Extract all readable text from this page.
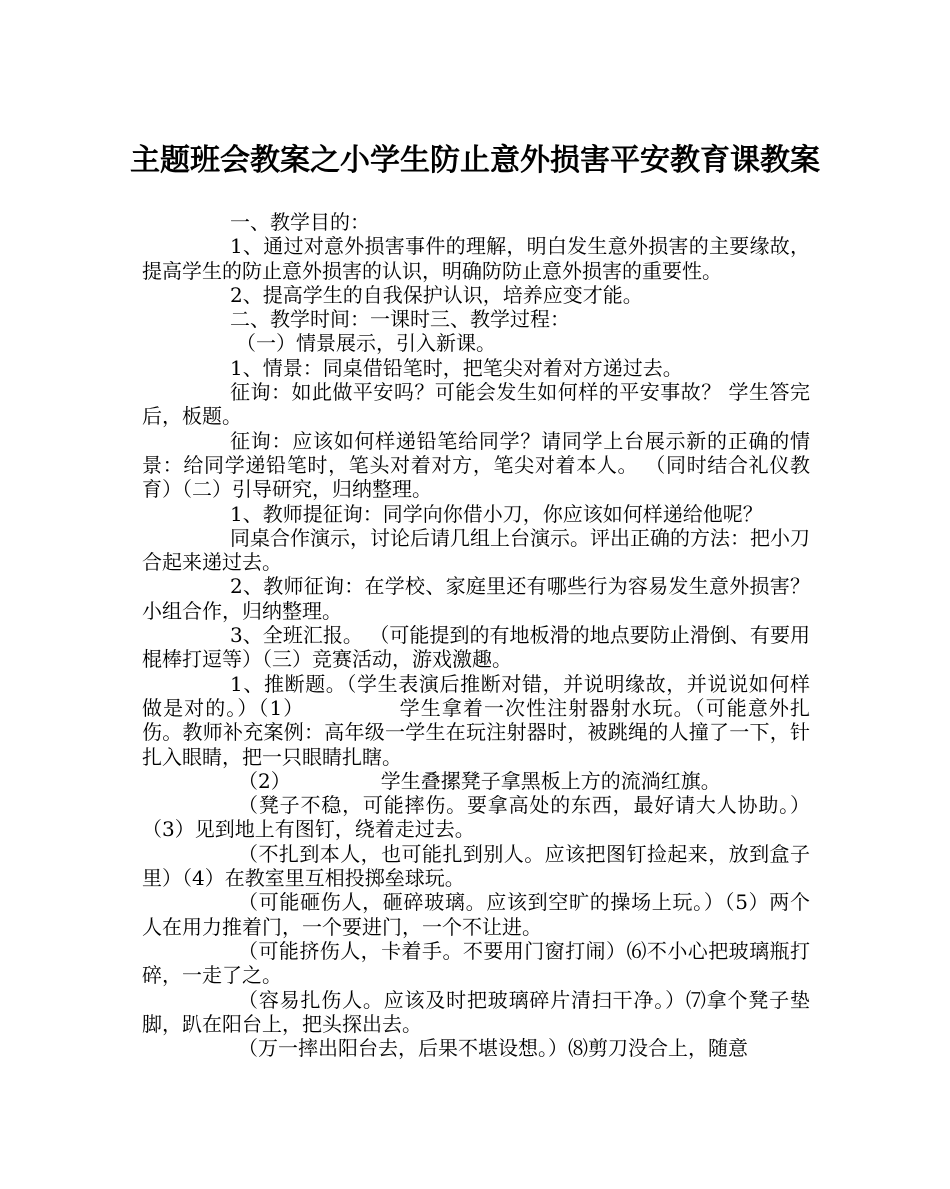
主题班会教案之小学生防止意外损害平安教育课教案

一、教学目的：

1、通过对意外损害事件的理解，明白发生意外损害的主要缘故，提高学生的防止意外损害的认识，明确防防止意外损害的重要性。

2、提高学生的自我保护认识，培养应变才能。

二、教学时间：一课时三、教学过程：

（一）情景展示，引入新课。

1、情景：同桌借铅笔时，把笔尖对着对方递过去。

征询：如此做平安吗？可能会发生如何样的平安事故？ 学生答完后，板题。

征询：应该如何样递铅笔给同学？请同学上台展示新的正确的情景：给同学递铅笔时，笔头对着对方，笔尖对着本人。 （同时结合礼仪教育）（二）引导研究，归纳整理。

1、教师提征询：同学向你借小刀，你应该如何样递给他呢？

同桌合作演示，讨论后请几组上台演示。评出正确的方法：把小刀合起来递过去。

2、教师征询：在学校、家庭里还有哪些行为容易发生意外损害？ 小组合作，归纳整理。

3、全班汇报。 （可能提到的有地板滑的地点要防止滑倒、有要用棍棒打逗等）（三）竞赛活动，游戏激趣。

1、推断题。（学生表演后推断对错，并说明缘故，并说说如何样做是对的。）（1）　　　　　学生拿着一次性注射器射水玩。（可能意外扎伤。教师补充案例：高年级一学生在玩注射器时，被跳绳的人撞了一下，针扎入眼睛，把一只眼睛扎瞎。

（2）　　　　　学生叠摞凳子拿黑板上方的流淌红旗。

（凳子不稳，可能摔伤。要拿高处的东西，最好请大人协助。）（3）见到地上有图钉，绕着走过去。

（不扎到本人，也可能扎到别人。应该把图钉捡起来，放到盒子里）（4）在教室里互相投掷垒球玩。

（可能砸伤人，砸碎玻璃。应该到空旷的操场上玩。）（5）两个人在用力推着门，一个要进门，一个不让进。

（可能挤伤人，卡着手。不要用门窗打闹）⑹不小心把玻璃瓶打碎，一走了之。

（容易扎伤人。应该及时把玻璃碎片清扫干净。）⑺拿个凳子垫脚，趴在阳台上，把头探出去。

（万一摔出阳台去，后果不堪设想。）⑻剪刀没合上，随意
